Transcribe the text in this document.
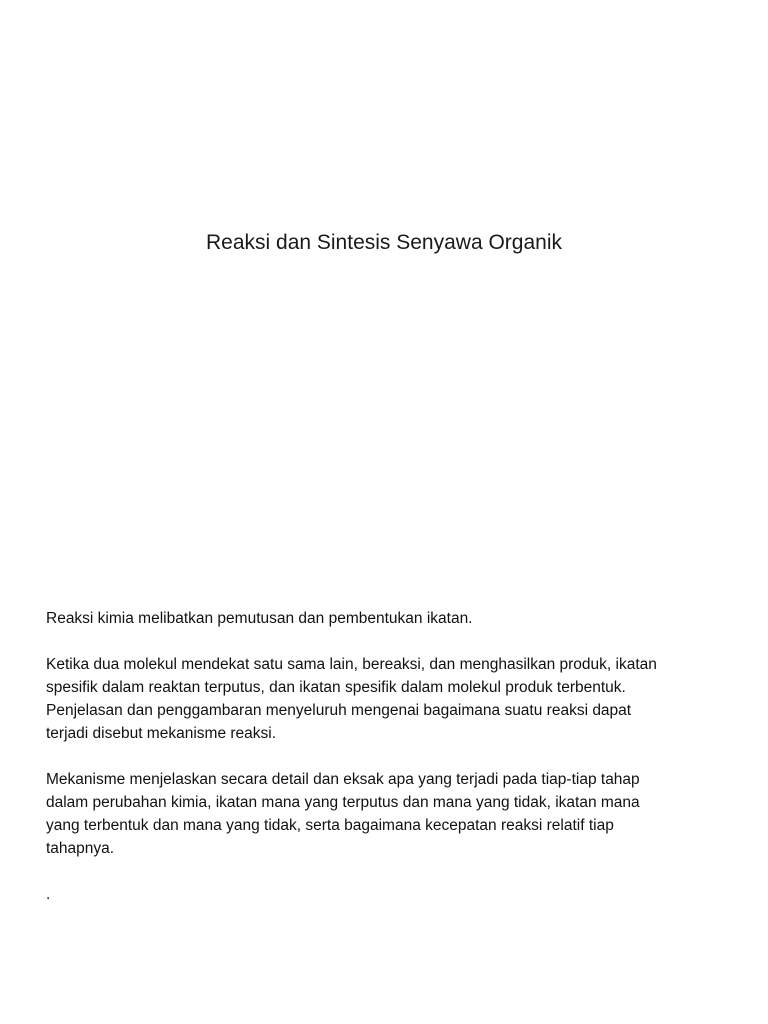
Reaksi dan Sintesis Senyawa Organik

Reaksi kimia melibatkan pemutusan dan pembentukan ikatan.

Ketika dua molekul mendekat satu sama lain, bereaksi, dan menghasilkan produk, ikatan
spesifik dalam reaktan terputus, dan ikatan spesifik dalam molekul produk terbentuk.
Penjelasan dan penggambaran menyeluruh mengenai bagaimana suatu reaksi dapat
terjadi disebut mekanisme reaksi.

Mekanisme menjelaskan secara detail dan eksak apa yang terjadi pada tiap-tiap tahap
dalam perubahan kimia, ikatan mana yang terputus dan mana yang tidak, ikatan mana
yang terbentuk dan mana yang tidak, serta bagaimana kecepatan reaksi relatif tiap
tahapnya.

.
